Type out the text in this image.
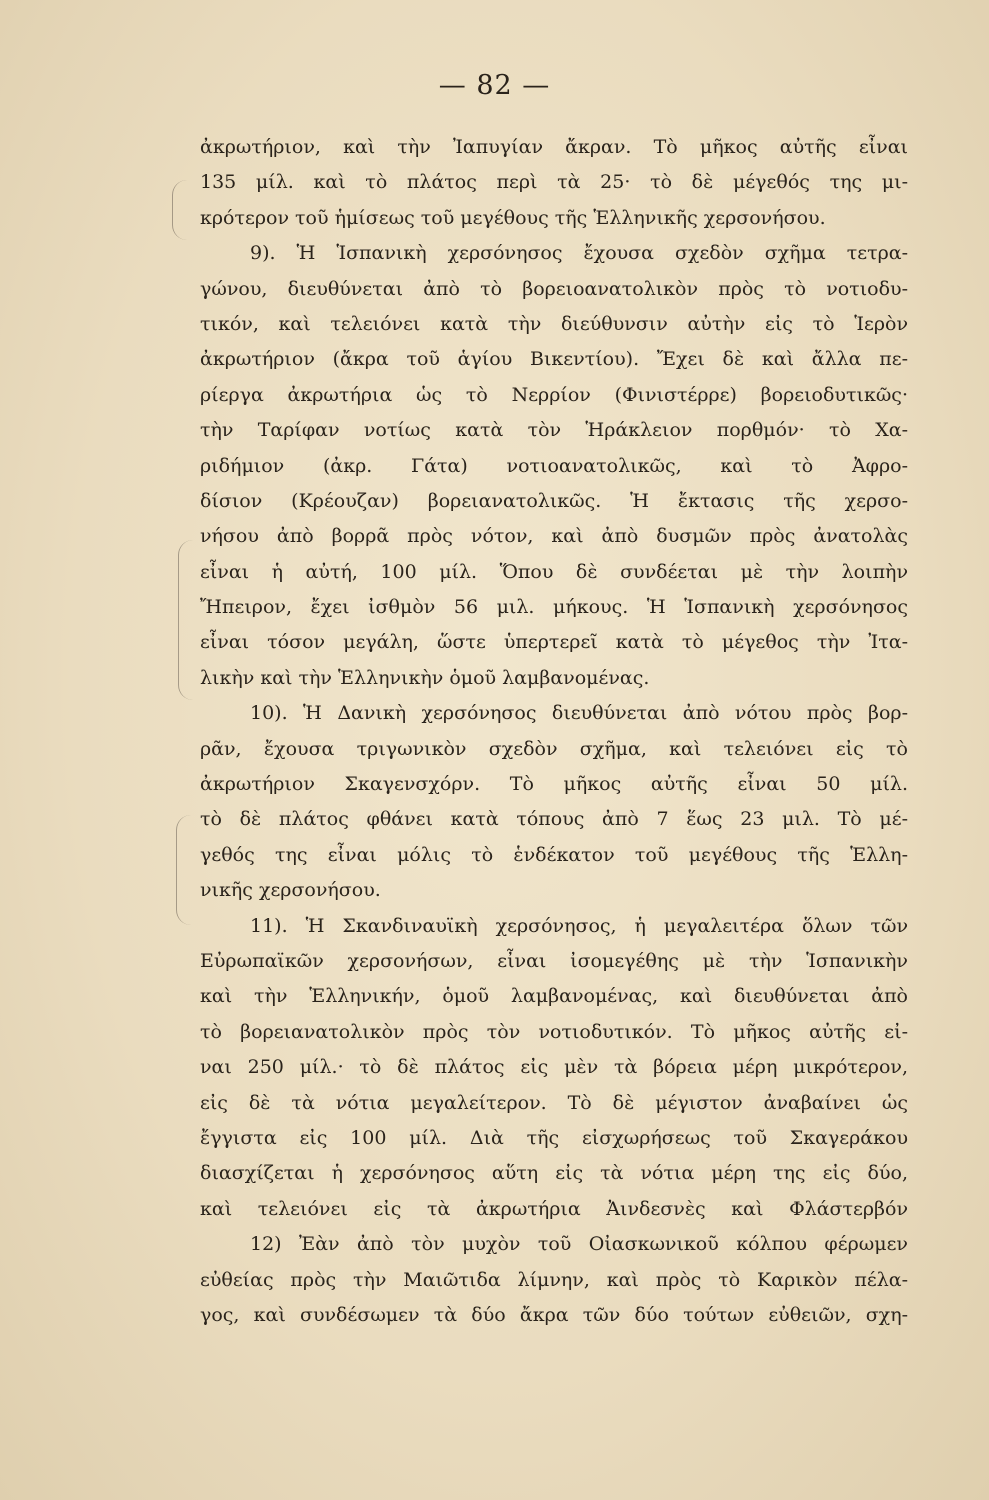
— 82 —
ἀκρωτήριον, καὶ τὴν Ἰαπυγίαν ἄκραν. Τὸ μῆκος αὐτῆς εἶναι
135 μίλ. καὶ τὸ πλάτος περὶ τὰ 25· τὸ δὲ μέγεθός της μι-
κρότερον τοῦ ἡμίσεως τοῦ μεγέθους τῆς Ἑλληνικῆς χερσονήσου.
9). Ἡ Ἱσπανικὴ χερσόνησος ἔχουσα σχεδὸν σχῆμα τετρα-
γώνου, διευθύνεται ἀπὸ τὸ βορειοανατολικὸν πρὸς τὸ νοτιοδυ-
τικόν, καὶ τελειόνει κατὰ τὴν διεύθυνσιν αὐτὴν εἰς τὸ Ἱερὸν
ἀκρωτήριον (ἄκρα τοῦ ἁγίου Βικεντίου). Ἔχει δὲ καὶ ἄλλα πε-
ρίεργα ἀκρωτήρια ὡς τὸ Νερρίον (Φινιστέρρε) βορειοδυτικῶς·
τὴν Ταρίφαν νοτίως κατὰ τὸν Ἡράκλειον πορθμόν· τὸ Χα-
ριδήμιον (ἀκρ. Γάτα) νοτιοανατολικῶς, καὶ τὸ Ἀφρο-
δίσιον (Κρέουζαν) βορειανατολικῶς. Ἡ ἔκτασις τῆς χερσο-
νήσου ἀπὸ βορρᾶ πρὸς νότον, καὶ ἀπὸ δυσμῶν πρὸς ἀνατολὰς
εἶναι ἡ αὐτή, 100 μίλ. Ὅπου δὲ συνδέεται μὲ τὴν λοιπὴν
Ἤπειρον, ἔχει ἰσθμὸν 56 μιλ. μήκους. Ἡ Ἱσπανικὴ χερσόνησος
εἶναι τόσον μεγάλη, ὥστε ὑπερτερεῖ κατὰ τὸ μέγεθος τὴν Ἰτα-
λικὴν καὶ τὴν Ἑλληνικὴν ὁμοῦ λαμβανομένας.
10). Ἡ Δανικὴ χερσόνησος διευθύνεται ἀπὸ νότου πρὸς βορ-
ρᾶν, ἔχουσα τριγωνικὸν σχεδὸν σχῆμα, καὶ τελειόνει εἰς τὸ
ἀκρωτήριον Σκαγενσχόρν. Τὸ μῆκος αὐτῆς εἶναι 50 μίλ.
τὸ δὲ πλάτος φθάνει κατὰ τόπους ἀπὸ 7 ἕως 23 μιλ. Τὸ μέ-
γεθός της εἶναι μόλις τὸ ἑνδέκατον τοῦ μεγέθους τῆς Ἑλλη-
νικῆς χερσονήσου.
11). Ἡ Σκανδιναυϊκὴ χερσόνησος, ἡ μεγαλειτέρα ὅλων τῶν
Εὐρωπαϊκῶν χερσονήσων, εἶναι ἰσομεγέθης μὲ τὴν Ἱσπανικὴν
καὶ τὴν Ἑλληνικήν, ὁμοῦ λαμβανομένας, καὶ διευθύνεται ἀπὸ
τὸ βορειανατολικὸν πρὸς τὸν νοτιοδυτικόν. Τὸ μῆκος αὐτῆς εἰ-
ναι 250 μίλ.· τὸ δὲ πλάτος εἰς μὲν τὰ βόρεια μέρη μικρότερον,
εἰς δὲ τὰ νότια μεγαλείτερον. Τὸ δὲ μέγιστον ἀναβαίνει ὡς
ἔγγιστα εἰς 100 μίλ. Διὰ τῆς εἰσχωρήσεως τοῦ Σκαγεράκου
διασχίζεται ἡ χερσόνησος αὕτη εἰς τὰ νότια μέρη της εἰς δύο,
καὶ τελειόνει εἰς τὰ ἀκρωτήρια Ἀινδεσνὲς καὶ Φλάστερβόν
12) Ἐὰν ἀπὸ τὸν μυχὸν τοῦ Οἰασκωνικοῦ κόλπου φέρωμεν
εὐθείας πρὸς τὴν Μαιῶτιδα λίμνην, καὶ πρὸς τὸ Καρικὸν πέλα-
γος, καὶ συνδέσωμεν τὰ δύο ἄκρα τῶν δύο τούτων εὐθειῶν, σχη-
